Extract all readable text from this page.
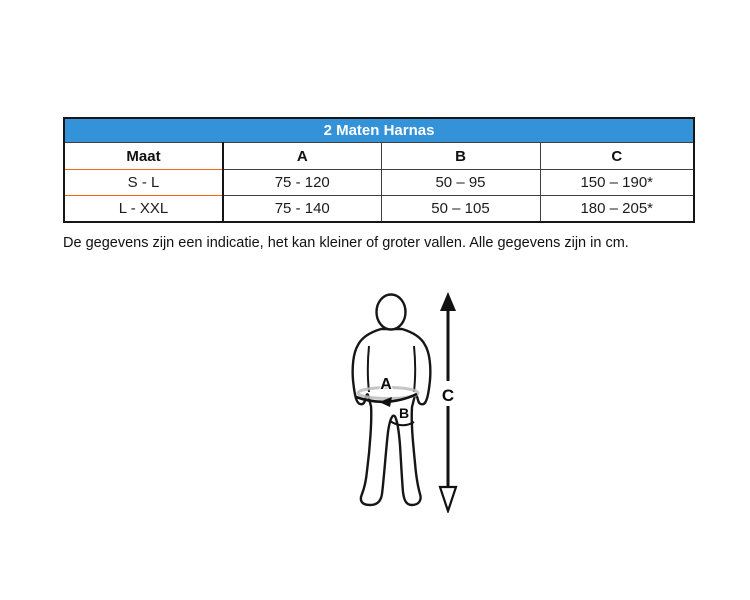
2 Maten Harnas			
Maat	A	B	C
S - L	75 - 120	50 – 95	150 – 190*
L - XXL	75 - 140	50 – 105	180 – 205*
De gegevens zijn een indicatie, het kan kleiner of groter vallen. Alle gegevens zijn in cm.
A
B
C
